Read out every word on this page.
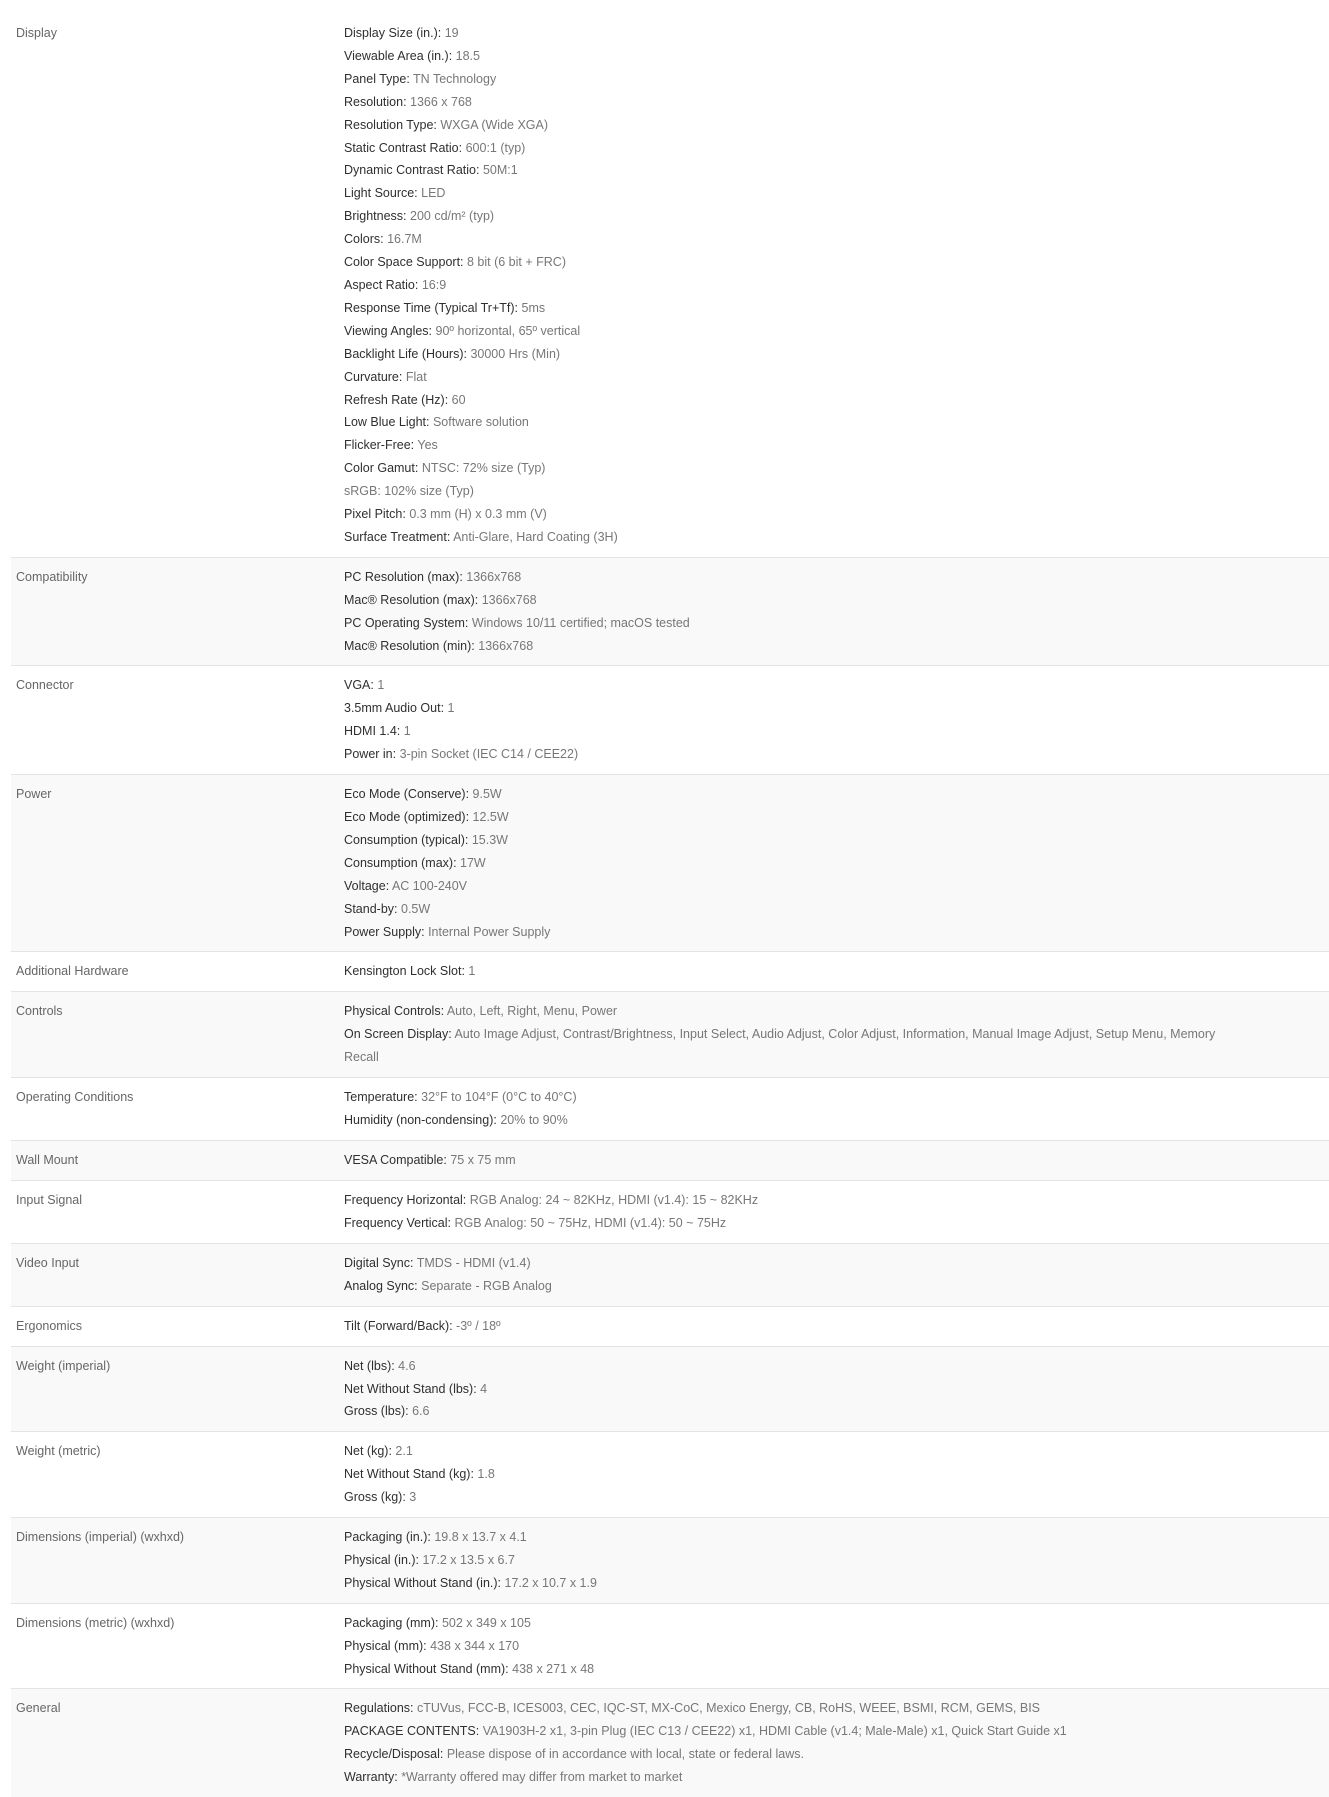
Display	Display Size (in.): 19
Viewable Area (in.): 18.5
Panel Type: TN Technology
Resolution: 1366 x 768
Resolution Type: WXGA (Wide XGA)
Static Contrast Ratio: 600:1 (typ)
Dynamic Contrast Ratio: 50M:1
Light Source: LED
Brightness: 200 cd/m² (typ)
Colors: 16.7M
Color Space Support: 8 bit (6 bit + FRC)
Aspect Ratio: 16:9
Response Time (Typical Tr+Tf): 5ms
Viewing Angles: 90º horizontal, 65º vertical
Backlight Life (Hours): 30000 Hrs (Min)
Curvature: Flat
Refresh Rate (Hz): 60
Low Blue Light: Software solution
Flicker-Free: Yes
Color Gamut: NTSC: 72% size (Typ)
sRGB: 102% size (Typ)
Pixel Pitch: 0.3 mm (H) x 0.3 mm (V)
Surface Treatment: Anti-Glare, Hard Coating (3H)
Compatibility	PC Resolution (max): 1366x768
Mac® Resolution (max): 1366x768
PC Operating System: Windows 10/11 certified; macOS tested
Mac® Resolution (min): 1366x768
Connector	VGA: 1
3.5mm Audio Out: 1
HDMI 1.4: 1
Power in: 3-pin Socket (IEC C14 / CEE22)
Power	Eco Mode (Conserve): 9.5W
Eco Mode (optimized): 12.5W
Consumption (typical): 15.3W
Consumption (max): 17W
Voltage: AC 100-240V
Stand-by: 0.5W
Power Supply: Internal Power Supply
Additional Hardware	Kensington Lock Slot: 1
Controls	Physical Controls: Auto, Left, Right, Menu, Power
On Screen Display: Auto Image Adjust, Contrast/Brightness, Input Select, Audio Adjust, Color Adjust, Information, Manual Image Adjust, Setup Menu, Memory Recall
Operating Conditions	Temperature: 32°F to 104°F (0°C to 40°C)
Humidity (non-condensing): 20% to 90%
Wall Mount	VESA Compatible: 75 x 75 mm
Input Signal	Frequency Horizontal: RGB Analog: 24 ~ 82KHz, HDMI (v1.4): 15 ~ 82KHz
Frequency Vertical: RGB Analog: 50 ~ 75Hz, HDMI (v1.4): 50 ~ 75Hz
Video Input	Digital Sync: TMDS - HDMI (v1.4)
Analog Sync: Separate - RGB Analog
Ergonomics	Tilt (Forward/Back): -3º / 18º
Weight (imperial)	Net (lbs): 4.6
Net Without Stand (lbs): 4
Gross (lbs): 6.6
Weight (metric)	Net (kg): 2.1
Net Without Stand (kg): 1.8
Gross (kg): 3
Dimensions (imperial) (wxhxd)	Packaging (in.): 19.8 x 13.7 x 4.1
Physical (in.): 17.2 x 13.5 x 6.7
Physical Without Stand (in.): 17.2 x 10.7 x 1.9
Dimensions (metric) (wxhxd)	Packaging (mm): 502 x 349 x 105
Physical (mm): 438 x 344 x 170
Physical Without Stand (mm): 438 x 271 x 48
General	Regulations: cTUVus, FCC-B, ICES003, CEC, IQC-ST, MX-CoC, Mexico Energy, CB, RoHS, WEEE, BSMI, RCM, GEMS, BIS
PACKAGE CONTENTS: VA1903H-2 x1, 3-pin Plug (IEC C13 / CEE22) x1, HDMI Cable (v1.4; Male-Male) x1, Quick Start Guide x1
Recycle/Disposal: Please dispose of in accordance with local, state or federal laws.
Warranty: *Warranty offered may differ from market to market
